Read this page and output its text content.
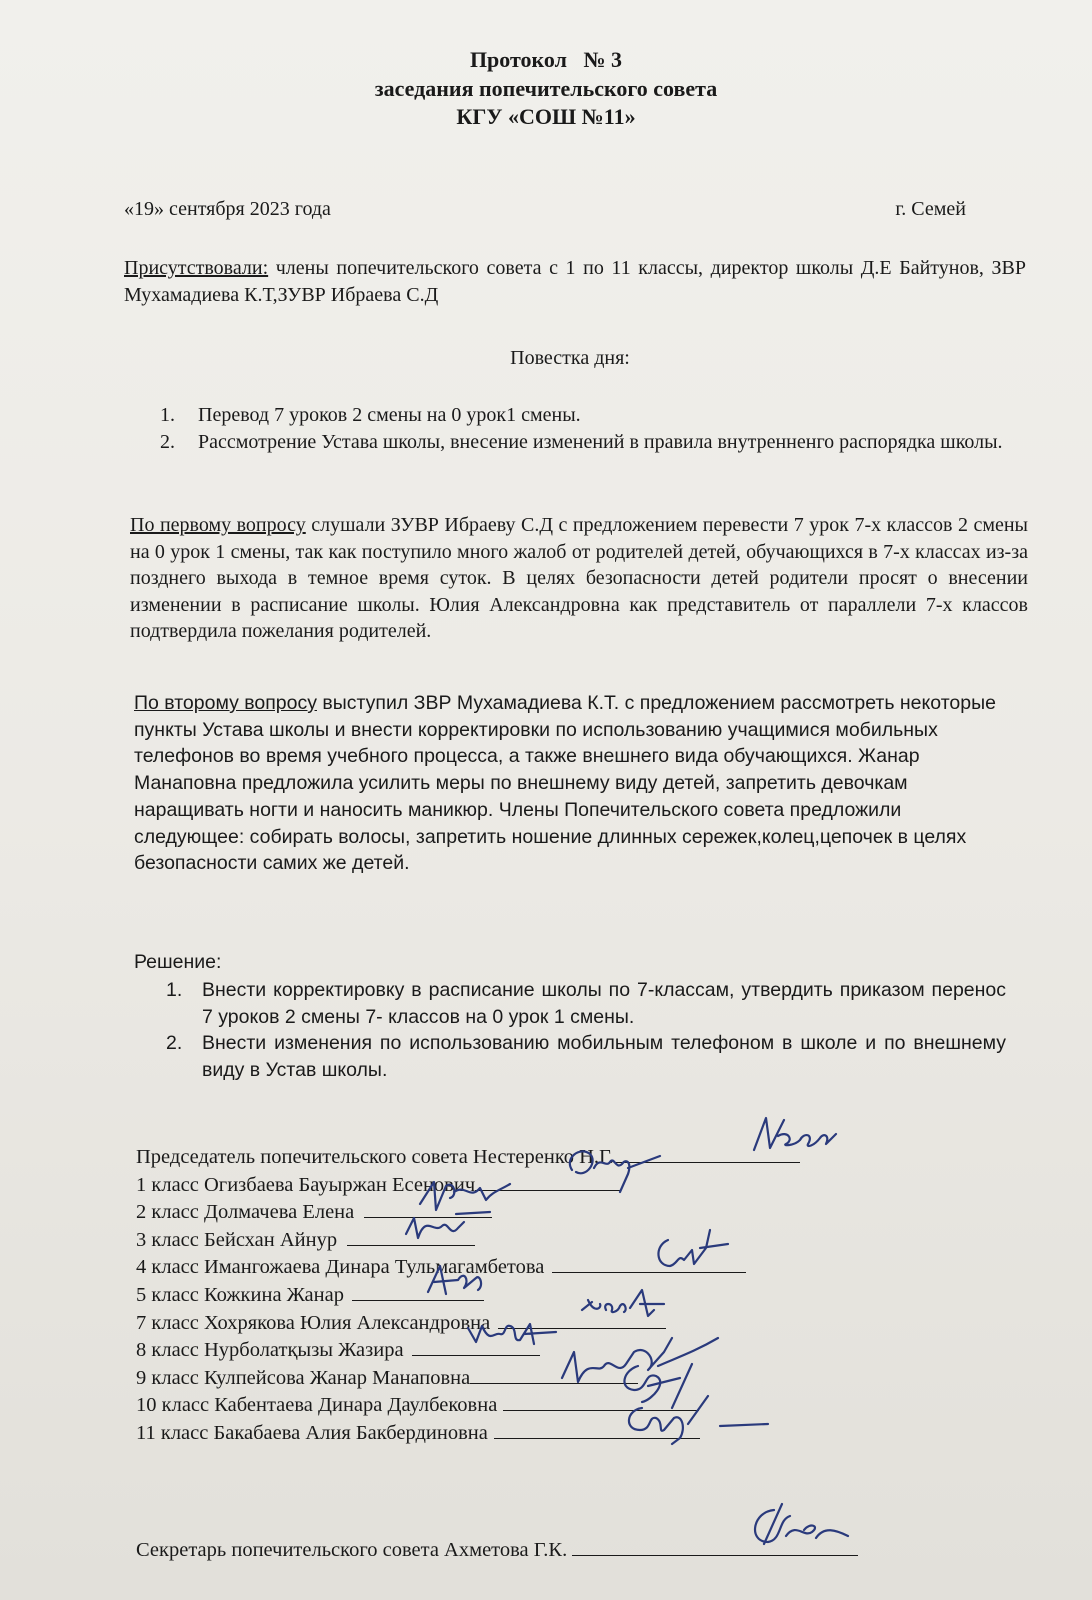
Протокол   № 3
заседания попечительского совета
КГУ «СОШ №11»
«19» сентября 2023 года	г. Семей
Присутствовали: члены попечительского совета с 1 по 11 классы, директор школы Д.Е Байтунов, ЗВР Мухамадиева К.Т,ЗУВР Ибраева С.Д
Повестка дня:
1.	Перевод 7 уроков 2 смены на 0 урок1 смены.
2.	Рассмотрение Устава школы, внесение изменений в правила внутренненго распорядка школы.
По первому вопросу слушали ЗУВР Ибраеву С.Д с предложением перевести 7 урок 7-х классов 2 смены на 0 урок 1 смены, так как поступило много жалоб от родителей детей, обучающихся в 7-х классах из-за позднего выхода в темное время суток. В целях безопасности детей родители просят о внесении изменении в расписание школы. Юлия Александровна как представитель от параллели 7-х классов подтвердила пожелания родителей.
По второму вопросу выступил ЗВР Мухамадиева К.Т. с предложением рассмотреть некоторые пункты Устава школы и внести корректировки по использованию учащимися мобильных телефонов во время учебного процесса, а также внешнего вида обучающихся. Жанар Манаповна предложила усилить меры по внешнему виду детей, запретить девочкам наращивать ногти и наносить маникюр. Члены Попечительского совета предложили следующее: собирать волосы, запретить ношение длинных сережек,колец,цепочек в целях безопасности самих же детей.
Решение:
1.	Внести корректировку в расписание школы по 7-классам, утвердить приказом перенос 7 уроков 2 смены 7- классов на 0 урок 1 смены.
2.	Внести изменения по использованию мобильным телефоном в школе и по внешнему виду в Устав школы.
Председатель попечительского совета Нестеренко Н.Г.
1 класс Огизбаева Бауыржан Есенович
2 класс Долмачева Елена
3 класс Бейсхан Айнур
4 класс Имангожаева Динара Тульмагамбетова
5 класс Кожкина Жанар
7 класс Хохрякова Юлия Александровна
8 класс Нурболатқызы Жазира
9 класс Кулпейсова Жанар Манаповна
10 класс Кабентаева Динара Даулбековна
11 класс Бакабаева Алия Бакбердиновна
Секретарь попечительского совета Ахметова Г.К.
